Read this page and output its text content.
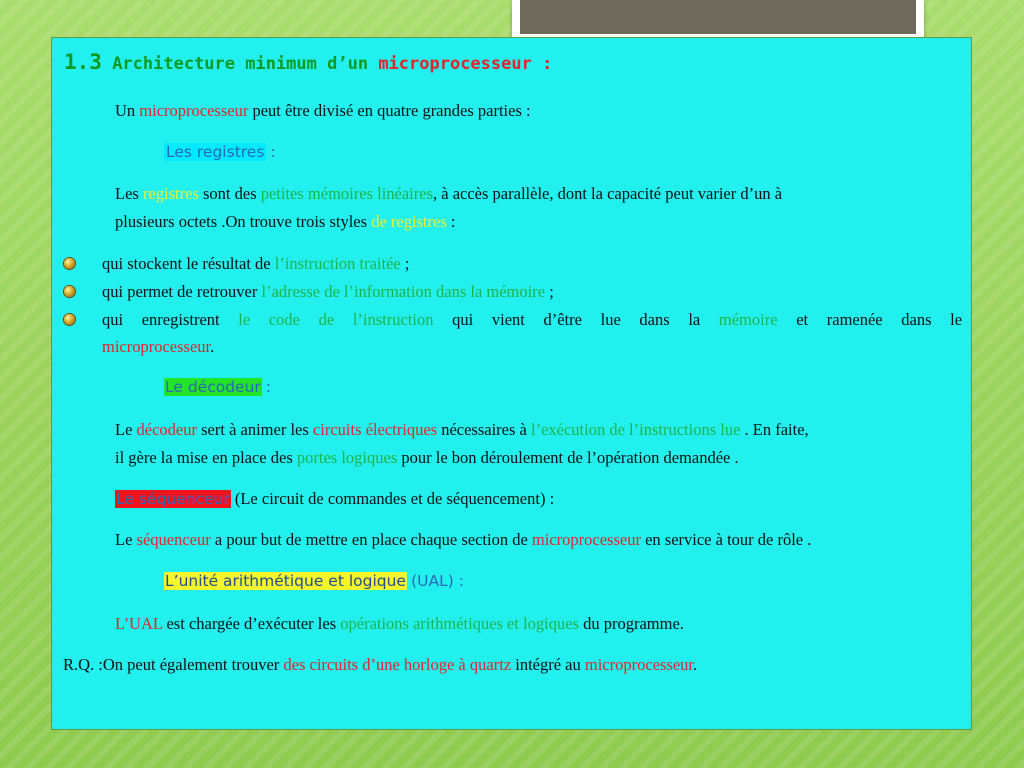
1.3 Architecture minimum d’un microprocesseur :
Un microprocesseur peut être divisé en quatre grandes parties :
Les registres :
Les registres sont des petites mémoires linéaires, à accès parallèle, dont la capacité peut varier d’un à
plusieurs octets .On trouve trois styles de registres :
qui stockent le résultat de l’instruction traitée ;
qui permet de retrouver l’adresse de l’information dans la mémoire ;
qui enregistrent le code de l’instruction qui vient d’être lue dans la mémoire et ramenée dans le
microprocesseur.
Le décodeur :
Le décodeur sert à animer les circuits électriques nécessaires à l’exécution de l’instructions lue . En faite,
il gère la mise en place des portes logiques pour le bon déroulement de l’opération demandée .
Le séquenceur (Le circuit de commandes et de séquencement) :
Le séquenceur a pour but de mettre en place chaque section de microprocesseur en service à tour de rôle .
L’unité arithmétique et logique (UAL) :
L’UAL est chargée d’exécuter les opérations arithmétiques et logiques du programme.
R.Q. :On peut également trouver des circuits d’une horloge à quartz intégré au microprocesseur.
